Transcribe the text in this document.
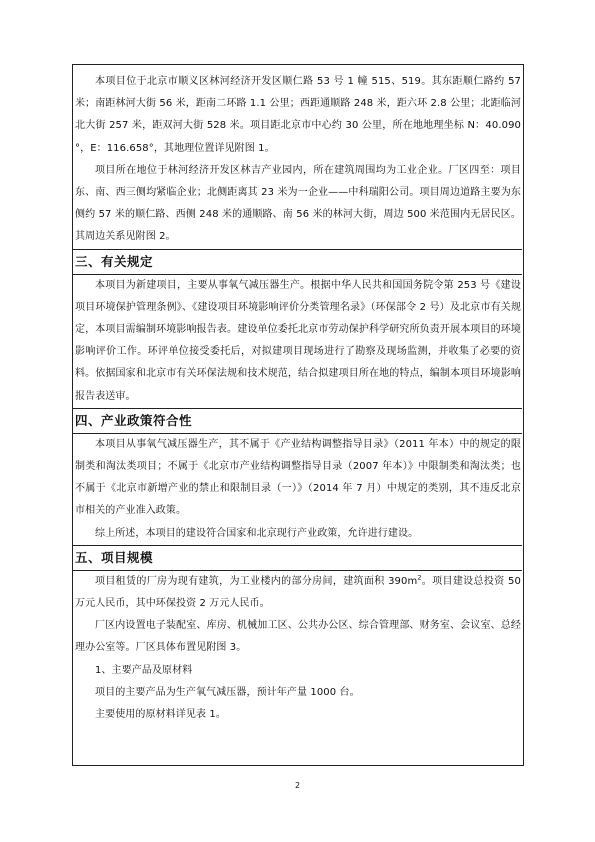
本项目位于北京市顺义区林河经济开发区顺仁路 53 号 1 幢 515、519。其东距顺仁路约 57 米；南距林河大街 56 米，距南二环路 1.1 公里；西距通顺路 248 米，距六环 2.8 公里；北距临河北大街 257 米，距双河大街 528 米。项目距北京市中心约 30 公里，所在地地理坐标 N：40.090 °，E：116.658°，其地理位置详见附图 1。

项目所在地位于林河经济开发区林吉产业园内，所在建筑周围均为工业企业。厂区四至：项目东、南、西三侧均紧临企业；北侧距离其 23 米为一企业——中科瑞阳公司。项目周边道路主要为东侧约 57 米的顺仁路、西侧 248 米的通顺路、南 56 米的林河大街，周边 500 米范围内无居民区。其周边关系见附图 2。

三、有关规定

本项目为新建项目，主要从事氧气减压器生产。根据中华人民共和国国务院令第 253 号《建设项目环境保护管理条例》、《建设项目环境影响评价分类管理名录》（环保部令 2 号）及北京市有关规定，本项目需编制环境影响报告表。建设单位委托北京市劳动保护科学研究所负责开展本项目的环境影响评价工作。环评单位接受委托后，对拟建项目现场进行了勘察及现场监测，并收集了必要的资料。依据国家和北京市有关环保法规和技术规范，结合拟建项目所在地的特点，编制本项目环境影响报告表送审。

四、产业政策符合性

本项目从事氧气减压器生产，其不属于《产业结构调整指导目录》（2011 年本）中的规定的限制类和淘汰类项目；不属于《北京市产业结构调整指导目录（2007 年本）》中限制类和淘汰类；也不属于《北京市新增产业的禁止和限制目录（一）》（2014 年 7 月）中规定的类别，其不违反北京市相关的产业准入政策。

综上所述，本项目的建设符合国家和北京现行产业政策，允许进行建设。

五、项目规模

项目租赁的厂房为现有建筑，为工业楼内的部分房间，建筑面积 $390m^2$。项目建设总投资 50 万元人民币，其中环保投资 2 万元人民币。

厂区内设置电子装配室、库房、机械加工区、公共办公区、综合管理部、财务室、会议室、总经理办公室等。厂区具体布置见附图 3。

1、主要产品及原材料

项目的主要产品为生产氧气减压器，预计年产量 1000 台。

主要使用的原材料详见表 1。

2
